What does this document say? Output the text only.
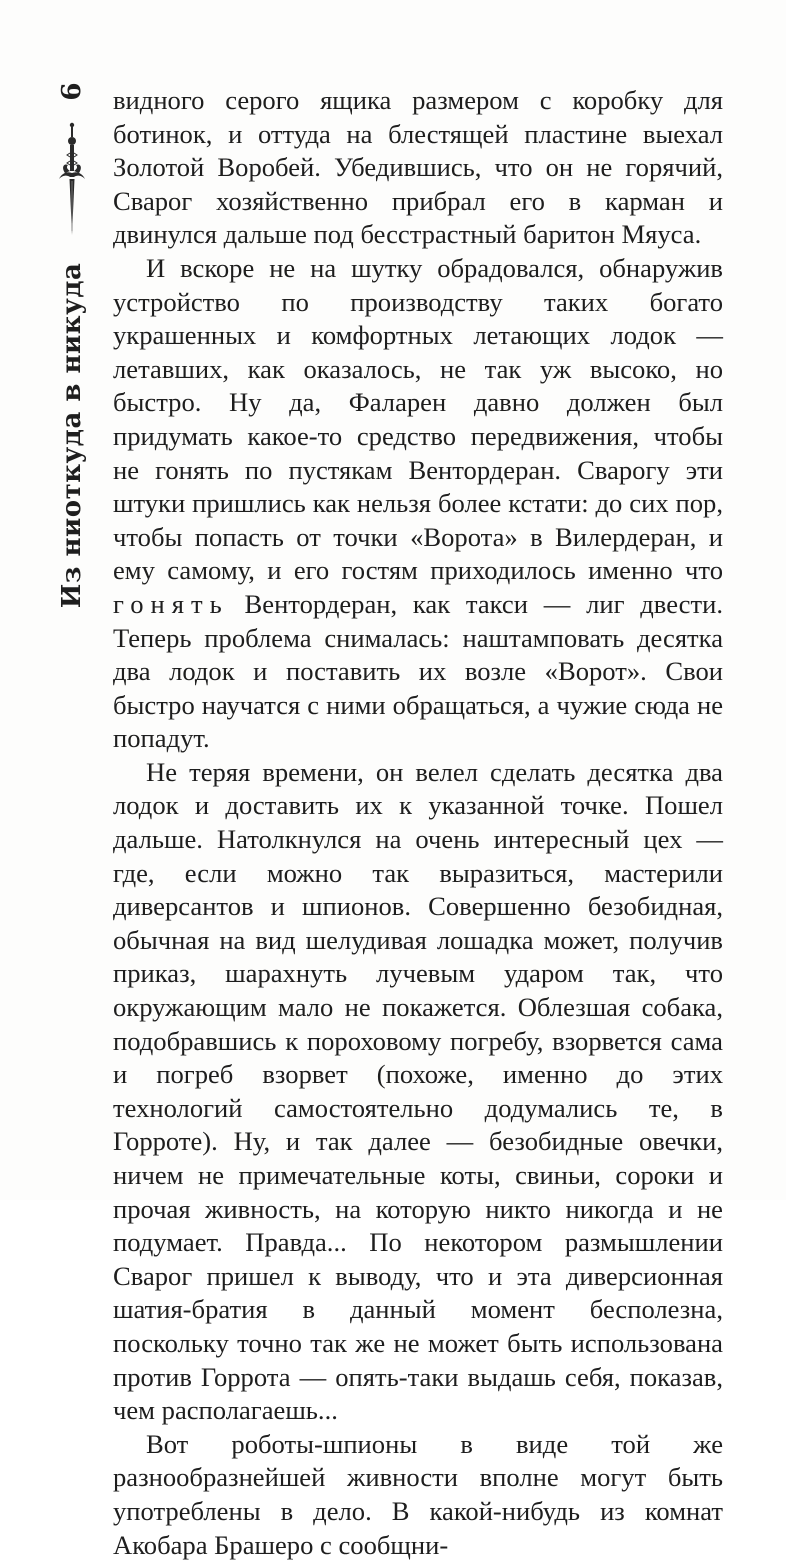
Из ниоткуда в никуда
6 видного серого ящика размером с коробку для ботинок, и оттуда на блестящей пластине выехал Золотой Воробей. Убедившись, что он не горячий, Сварог хозяйственно прибрал его в карман и двинулся дальше под бесстрастный баритон Мяуса.

И вскоре не на шутку обрадовался, обнаружив устройство по производству таких богато украшенных и комфортных летающих лодок — летавших, как оказалось, не так уж высоко, но быстро. Ну да, Фаларен давно должен был придумать какое-то средство передвижения, чтобы не гонять по пустякам Вентордеран. Сварогу эти штуки пришлись как нельзя более кстати: до сих пор, чтобы попасть от точки «Ворота» в Вилердеран, и ему самому, и его гостям приходилось именно что гонять Вентордеран, как такси — лиг двести. Теперь проблема снималась: наштамповать десятка два лодок и поставить их возле «Ворот». Свои быстро научатся с ними обращаться, а чужие сюда не попадут.

Не теряя времени, он велел сделать десятка два лодок и доставить их к указанной точке. Пошел дальше. Натолкнулся на очень интересный цех — где, если можно так выразиться, мастерили диверсантов и шпионов. Совершенно безобидная, обычная на вид шелудивая лошадка может, получив приказ, шарахнуть лучевым ударом так, что окружающим мало не покажется. Облезшая собака, подобравшись к пороховому погребу, взорвется сама и погреб взорвет (похоже, именно до этих технологий самостоятельно додумались те, в Горроте). Ну, и так далее — безобидные овечки, ничем не примечательные коты, свиньи, сороки и прочая живность, на которую никто никогда и не подумает. Правда... По некотором размышлении Сварог пришел к выводу, что и эта диверсионная шатия-братия в данный момент бесполезна, поскольку точно так же не может быть использована против Горрота — опять-таки выдашь себя, показав, чем располагаешь...

Вот роботы-шпионы в виде той же разнообразнейшей живности вполне могут быть употреблены в дело. В какой-нибудь из комнат Акобара Брашеро с сообщни-
